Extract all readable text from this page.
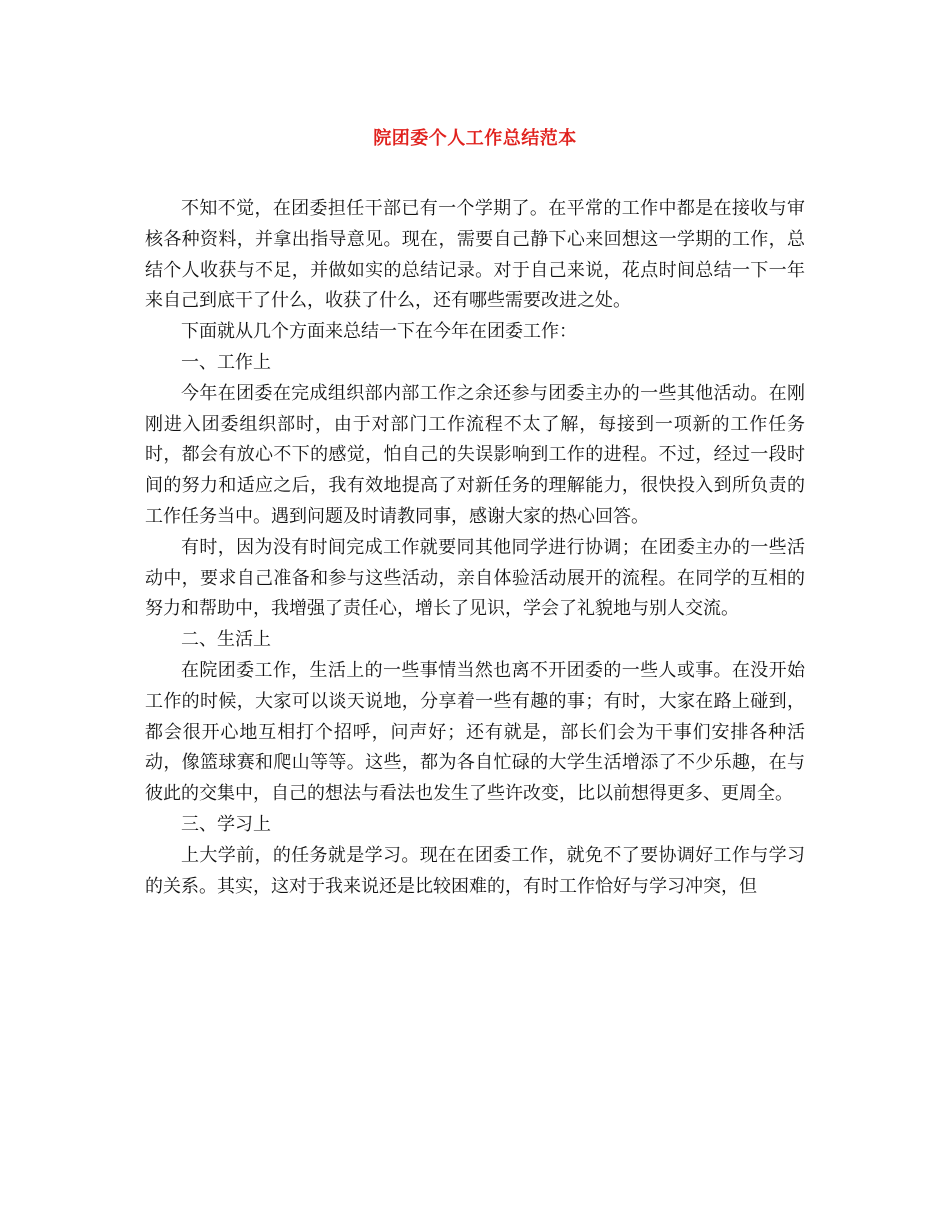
院团委个人工作总结范本

不知不觉，在团委担任干部已有一个学期了。在平常的工作中都是在接收与审核各种资料，并拿出指导意见。现在，需要自己静下心来回想这一学期的工作，总结个人收获与不足，并做如实的总结记录。对于自己来说，花点时间总结一下一年来自己到底干了什么，收获了什么，还有哪些需要改进之处。

下面就从几个方面来总结一下在今年在团委工作：

一、工作上

今年在团委在完成组织部内部工作之余还参与团委主办的一些其他活动。在刚刚进入团委组织部时，由于对部门工作流程不太了解，每接到一项新的工作任务时，都会有放心不下的感觉，怕自己的失误影响到工作的进程。不过，经过一段时间的努力和适应之后，我有效地提高了对新任务的理解能力，很快投入到所负责的工作任务当中。遇到问题及时请教同事，感谢大家的热心回答。

有时，因为没有时间完成工作就要同其他同学进行协调；在团委主办的一些活动中，要求自己准备和参与这些活动，亲自体验活动展开的流程。在同学的互相的努力和帮助中，我增强了责任心，增长了见识，学会了礼貌地与别人交流。

二、生活上

在院团委工作，生活上的一些事情当然也离不开团委的一些人或事。在没开始工作的时候，大家可以谈天说地，分享着一些有趣的事；有时，大家在路上碰到，都会很开心地互相打个招呼，问声好；还有就是，部长们会为干事们安排各种活动，像篮球赛和爬山等等。这些，都为各自忙碌的大学生活增添了不少乐趣，在与彼此的交集中，自己的想法与看法也发生了些许改变，比以前想得更多、更周全。

三、学习上

上大学前，的任务就是学习。现在在团委工作，就免不了要协调好工作与学习的关系。其实，这对于我来说还是比较困难的，有时工作恰好与学习冲突，但
